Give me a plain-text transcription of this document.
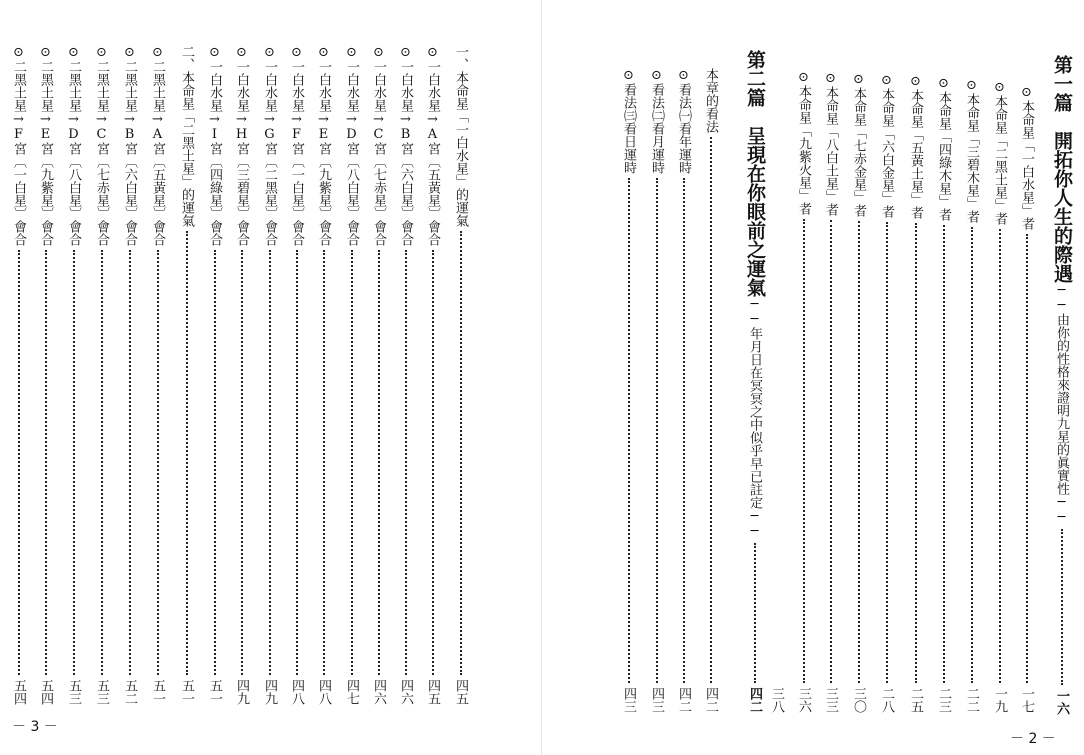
一、本命星「一白水星」的運氣
四五
⊙一白水星→A宮〔五黃星〕會合
四五
⊙一白水星→B宮〔六白星〕會合
四六
⊙一白水星→C宮〔七赤星〕會合
四六
⊙一白水星→D宮〔八白星〕會合
四七
⊙一白水星→E宮〔九紫星〕會合
四八
⊙一白水星→F宮〔一白星〕會合
四八
⊙一白水星→G宮〔二黑星〕會合
四九
⊙一白水星→H宮〔三碧星〕會合
四九
⊙一白水星→I宮〔四綠星〕會合
五一
二、本命星「二黑土星」的運氣
五一
⊙二黑土星→A宮〔五黃星〕會合
五一
⊙二黑土星→B宮〔六白星〕會合
五二
⊙二黑土星→C宮〔七赤星〕會合
五三
⊙二黑土星→D宮〔八白星〕會合
五三
⊙二黑土星→E宮〔九紫星〕會合
五四
⊙二黑土星→F宮〔一白星〕會合
五四
－ 3 －
第一篇　開拓你人生的際遇
──由你的性格來證明九星的眞實性──
一六
⊙本命星「一白水星」者
一七
⊙本命星「二黑土星」者
一九
⊙本命星「三碧木星」者
二二
⊙本命星「四綠木星」者
二三
⊙本命星「五黃土星」者
二五
⊙本命星「六白金星」者
二八
⊙本命星「七赤金星」者
三〇
⊙本命星「八白土星」者
三三
⊙本命星「九紫火星」者
三六
三八
第二篇　呈現在你眼前之運氣
──年月日在冥冥之中似乎早已註定──
四二
本章的看法
四二
⊙看法㈠看年運時
四二
⊙看法㈡看月運時
四三
⊙看法㈢看日運時
四三
－ 2 －
